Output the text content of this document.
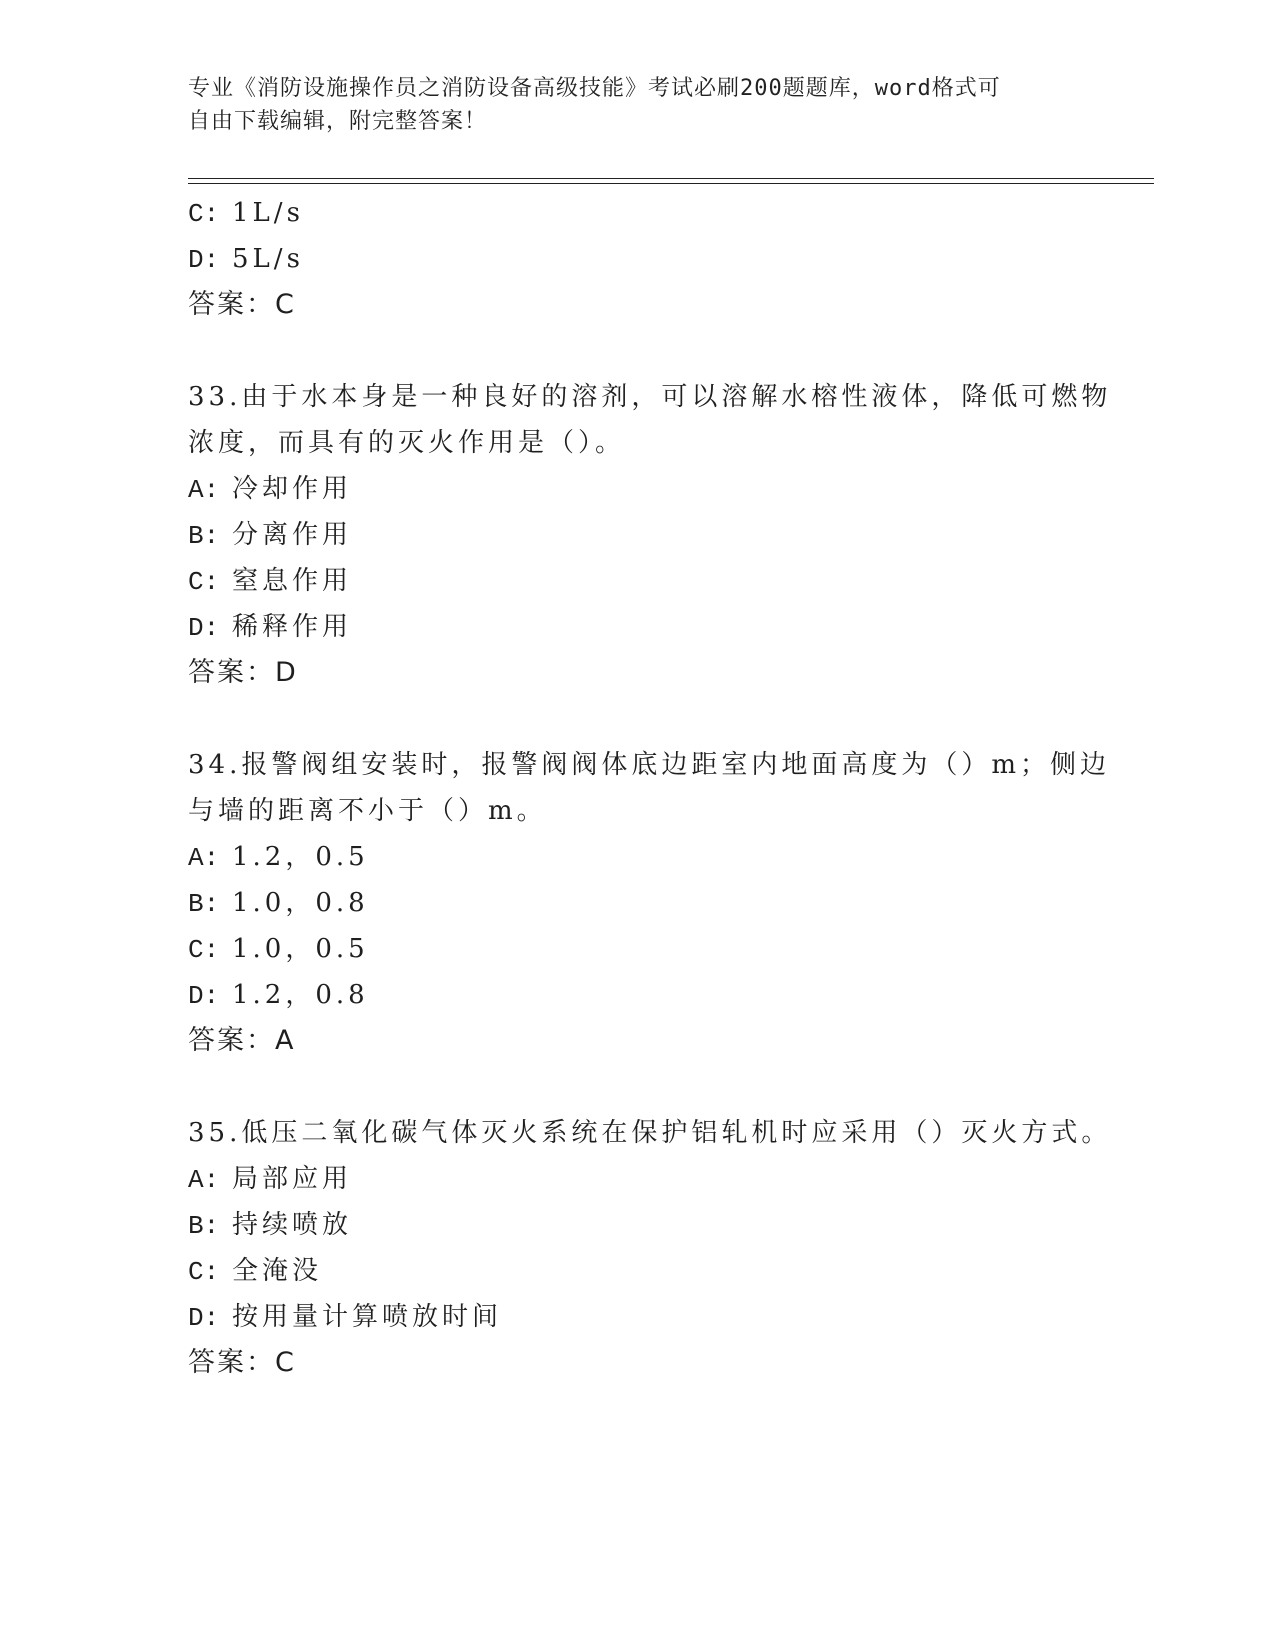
专业《消防设施操作员之消防设备高级技能》考试必刷200题题库，word格式可
自由下载编辑，附完整答案！
C: 1L/s
D: 5L/s
答案：C
33.由于水本身是一种良好的溶剂，可以溶解水榕性液体，降低可燃物
浓度，而具有的灭火作用是（）。
A: 冷却作用
B: 分离作用
C: 窒息作用
D: 稀释作用
答案：D
34.报警阀组安装时，报警阀阀体底边距室内地面高度为（）m；侧边
与墙的距离不小于（）m。
A: 1.2，0.5
B: 1.0，0.8
C: 1.0，0.5
D: 1.2，0.8
答案：A
35.低压二氧化碳气体灭火系统在保护铝轧机时应采用（）灭火方式。
A: 局部应用
B: 持续喷放
C: 全淹没
D: 按用量计算喷放时间
答案：C
